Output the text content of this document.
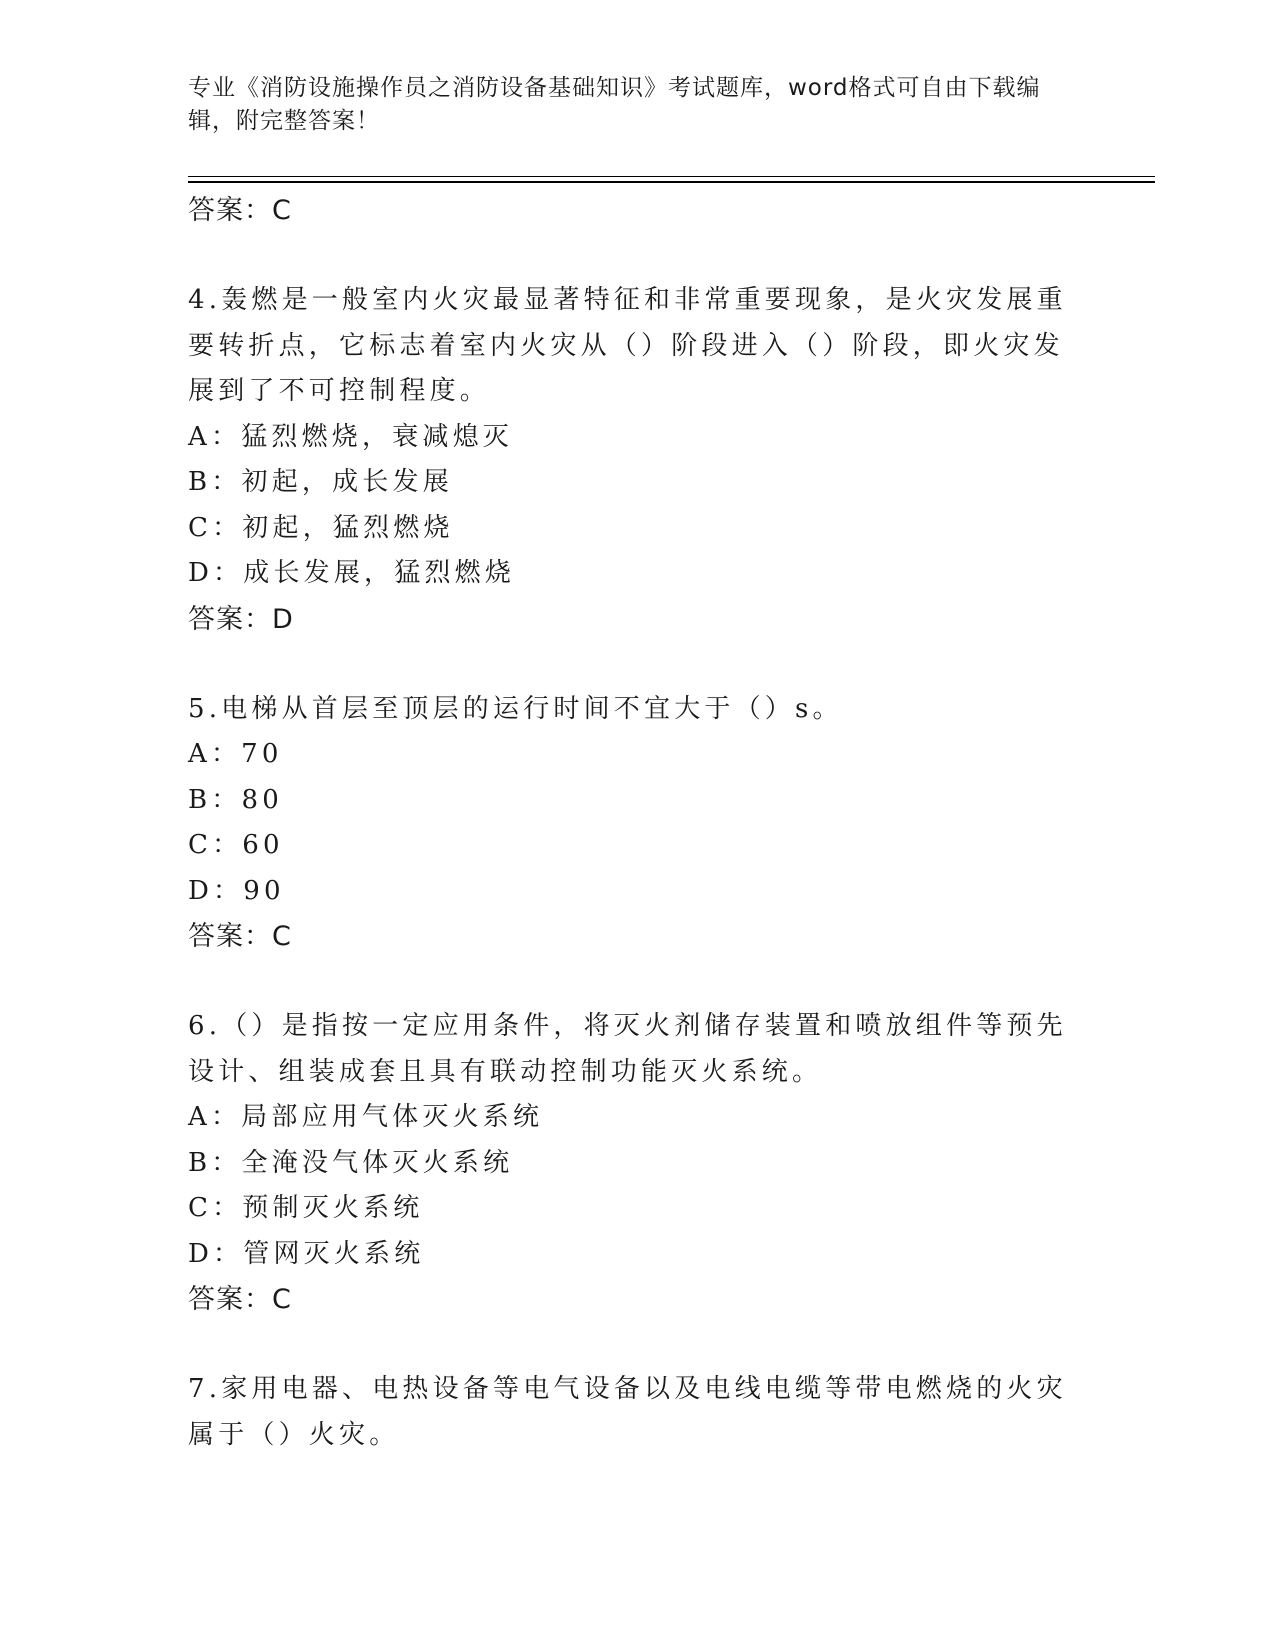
专业《消防设施操作员之消防设备基础知识》考试题库，word格式可自由下载编辑，附完整答案！
答案：C
4.轰燃是一般室内火灾最显著特征和非常重要现象，是火灾发展重要转折点，它标志着室内火灾从（）阶段进入（）阶段，即火灾发展到了不可控制程度。
A：猛烈燃烧，衰减熄灭
B：初起，成长发展
C：初起，猛烈燃烧
D：成长发展，猛烈燃烧
答案：D
5.电梯从首层至顶层的运行时间不宜大于（）s。
A：70
B：80
C：60
D：90
答案：C
6.（）是指按一定应用条件，将灭火剂储存装置和喷放组件等预先设计、组装成套且具有联动控制功能灭火系统。
A：局部应用气体灭火系统
B：全淹没气体灭火系统
C：预制灭火系统
D：管网灭火系统
答案：C
7.家用电器、电热设备等电气设备以及电线电缆等带电燃烧的火灾属于（）火灾。
